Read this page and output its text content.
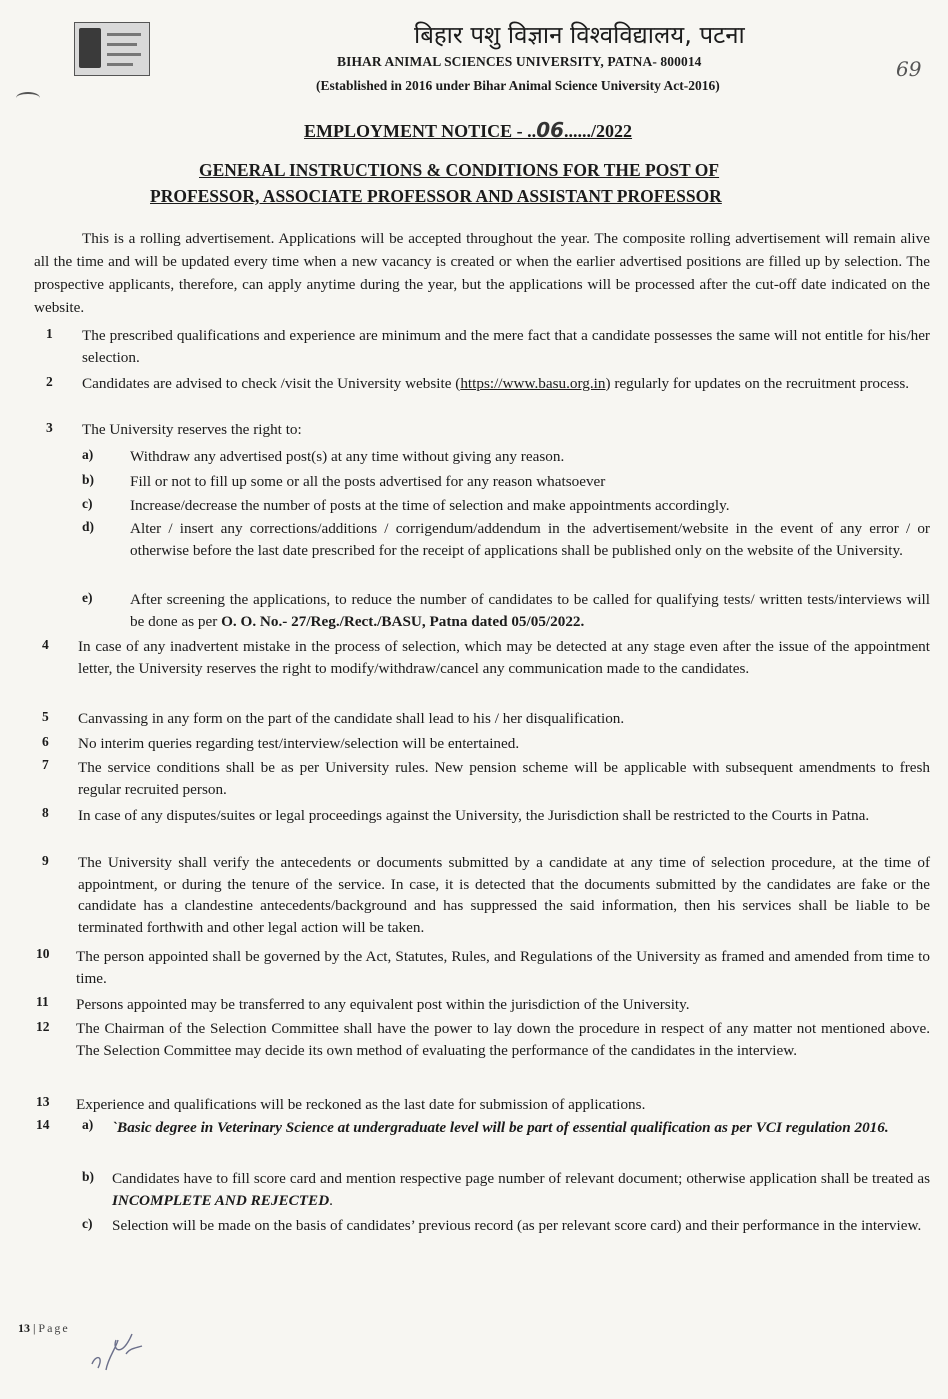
बिहार पशु विज्ञान विश्वविद्यालय, पटना
BIHAR ANIMAL SCIENCES UNIVERSITY, PATNA- 800014
(Established in 2016 under Bihar Animal Science University Act-2016)
69
EMPLOYMENT NOTICE - ..06....../2022
GENERAL INSTRUCTIONS & CONDITIONS FOR THE POST OF
PROFESSOR, ASSOCIATE PROFESSOR AND ASSISTANT PROFESSOR
This is a rolling advertisement. Applications will be accepted throughout the year. The composite rolling advertisement will remain alive all the time and will be updated every time when a new vacancy is created or when the earlier advertised positions are filled up by selection. The prospective applicants, therefore, can apply anytime during the year, but the applications will be processed after the cut-off date indicated on the website.
1 The prescribed qualifications and experience are minimum and the mere fact that a candidate possesses the same will not entitle for his/her selection.
2 Candidates are advised to check /visit the University website (https://www.basu.org.in) regularly for updates on the recruitment process.
3 The University reserves the right to:
a) Withdraw any advertised post(s) at any time without giving any reason.
b) Fill or not to fill up some or all the posts advertised for any reason whatsoever
c) Increase/decrease the number of posts at the time of selection and make appointments accordingly.
d) Alter / insert any corrections/additions / corrigendum/addendum in the advertisement/website in the event of any error / or otherwise before the last date prescribed for the receipt of applications shall be published only on the website of the University.
e) After screening the applications, to reduce the number of candidates to be called for qualifying tests/ written tests/interviews will be done as per O. O. No.- 27/Reg./Rect./BASU, Patna dated 05/05/2022.
4 In case of any inadvertent mistake in the process of selection, which may be detected at any stage even after the issue of the appointment letter, the University reserves the right to modify/withdraw/cancel any communication made to the candidates.
5 Canvassing in any form on the part of the candidate shall lead to his / her disqualification.
6 No interim queries regarding test/interview/selection will be entertained.
7 The service conditions shall be as per University rules. New pension scheme will be applicable with subsequent amendments to fresh regular recruited person.
8 In case of any disputes/suites or legal proceedings against the University, the Jurisdiction shall be restricted to the Courts in Patna.
9 The University shall verify the antecedents or documents submitted by a candidate at any time of selection procedure, at the time of appointment, or during the tenure of the service. In case, it is detected that the documents submitted by the candidates are fake or the candidate has a clandestine antecedents/background and has suppressed the said information, then his services shall be liable to be terminated forthwith and other legal action will be taken.
10 The person appointed shall be governed by the Act, Statutes, Rules, and Regulations of the University as framed and amended from time to time.
11 Persons appointed may be transferred to any equivalent post within the jurisdiction of the University.
12 The Chairman of the Selection Committee shall have the power to lay down the procedure in respect of any matter not mentioned above. The Selection Committee may decide its own method of evaluating the performance of the candidates in the interview.
13 Experience and qualifications will be reckoned as the last date for submission of applications.
14 a) `Basic degree in Veterinary Science at undergraduate level will be part of essential qualification as per VCI regulation 2016.
b) Candidates have to fill score card and mention respective page number of relevant document; otherwise application shall be treated as INCOMPLETE AND REJECTED.
c) Selection will be made on the basis of candidates’ previous record (as per relevant score card) and their performance in the interview.
13 | Page
